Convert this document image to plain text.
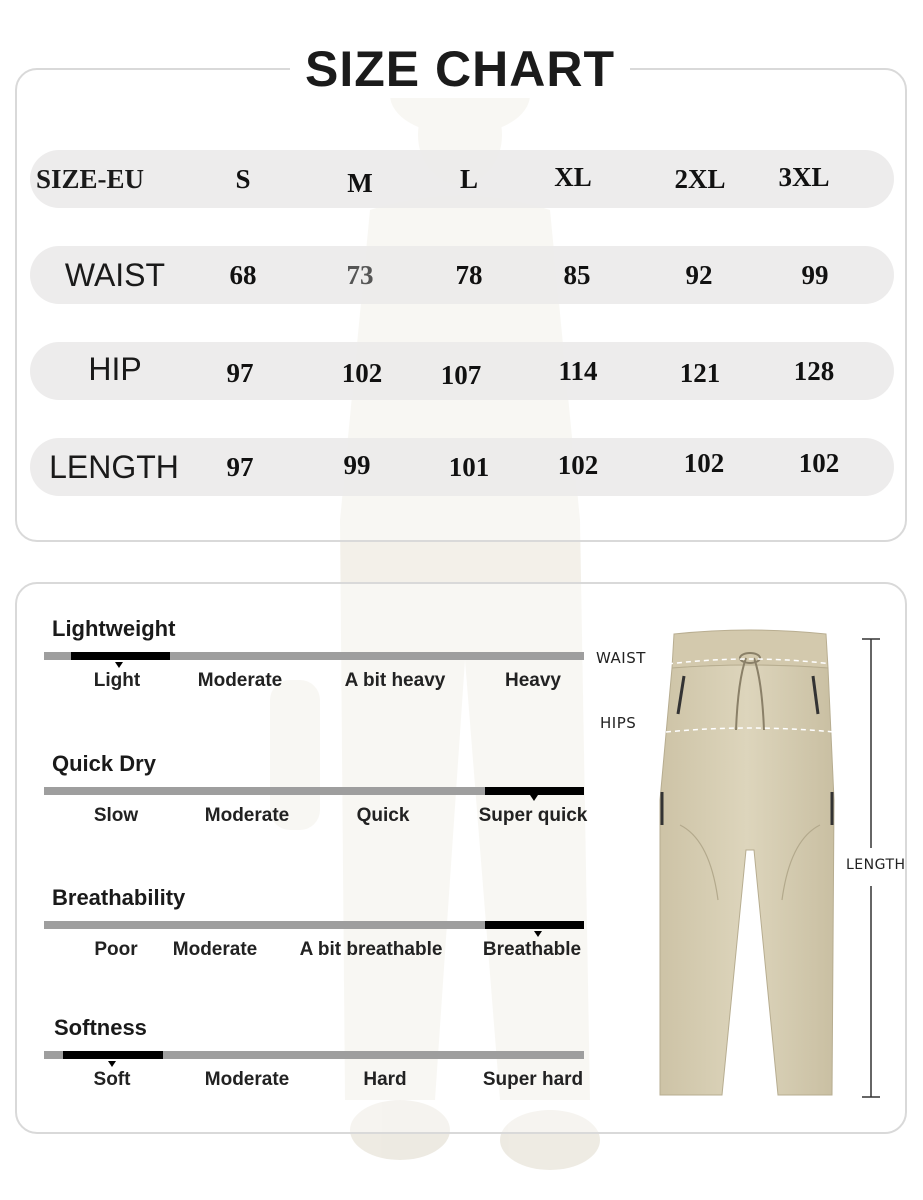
SIZE CHART
SIZE-EU	S	M	L	XL	2XL	3XL
WAIST	68	73	78	85	92	99
HIP	97	102	107	114	121	128
LENGTH	97	99	101	102	102	102
Lightweight
Light	Moderate	A bit heavy	Heavy
Quick Dry
Slow	Moderate	Quick	Super quick
Breathability
Poor Moderate A bit breathable Breathable
Softness
Soft	Moderate	Hard	Super hard
WAIST
HIPS
LENGTH
